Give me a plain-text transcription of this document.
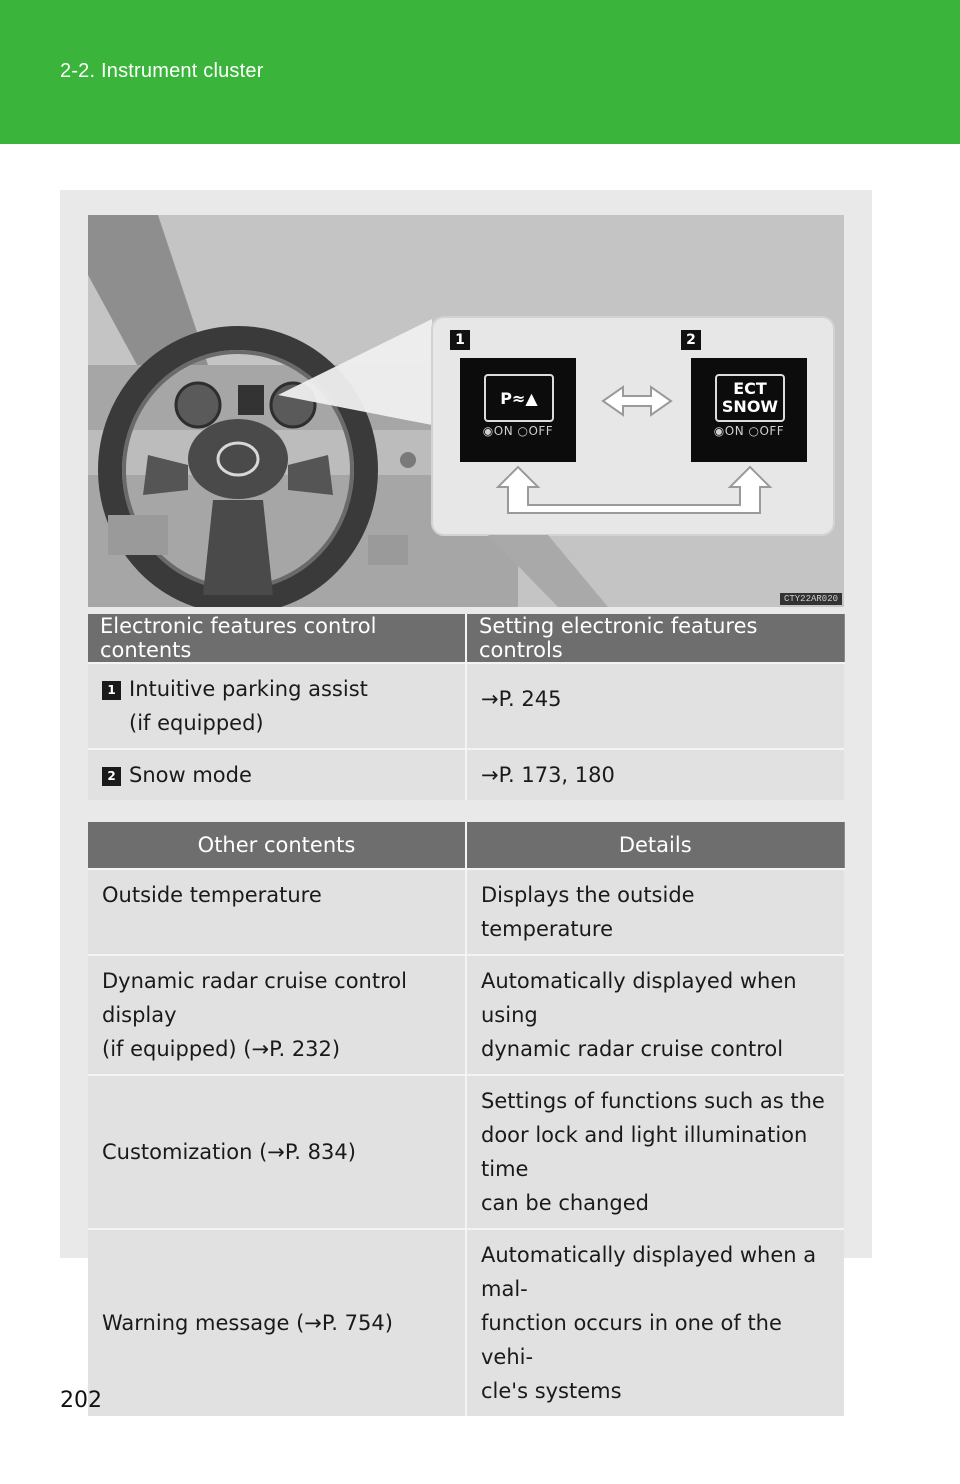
2-2. Instrument cluster
1	2
P≈▲
◉ON ○OFF
ECT
SNOW
◉ON ○OFF
CTY22AR020
Electronic features control contents	Setting electronic features controls
1 Intuitive parking assist
(if equipped)	→P. 245
2 Snow mode	→P. 173, 180
Other contents	Details
Outside temperature	Displays the outside temperature
Dynamic radar cruise control display
(if equipped) (→P. 232)	Automatically displayed when using
dynamic radar cruise control
Customization (→P. 834)	Settings of functions such as the
door lock and light illumination time
can be changed
Warning message (→P. 754)	Automatically displayed when a mal-
function occurs in one of the vehi-
cle's systems
202
